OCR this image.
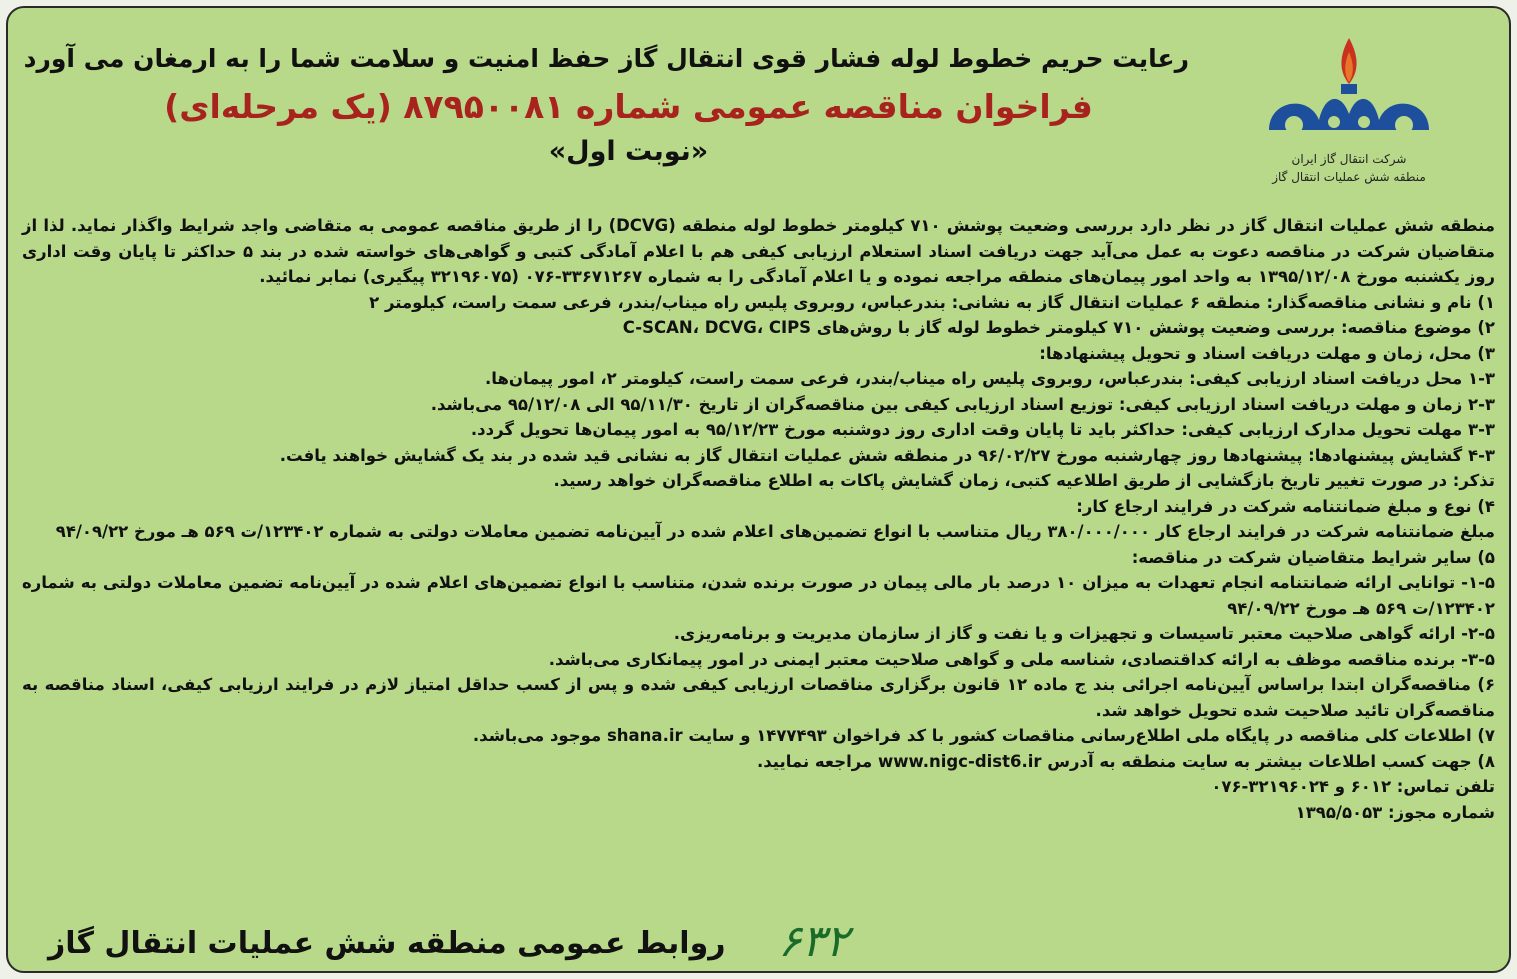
شرکت انتقال گاز ایران
منطقه شش عملیات انتقال گاز
رعایت حریم خطوط لوله فشار قوی انتقال گاز حفظ امنیت و سلامت شما را به ارمغان می آورد
فراخوان مناقصه عمومی شماره ۸۷۹۵۰۰۸۱ (یک مرحله‌ای)
«نوبت اول»

منطقه شش عملیات انتقال گاز در نظر دارد بررسی وضعیت پوشش ۷۱۰ کیلومتر خطوط لوله منطقه (DCVG) را از طریق مناقصه عمومی به متقاضی واجد شرایط واگذار نماید. لذا از متقاضیان شرکت در مناقصه دعوت به عمل می‌آید جهت دریافت اسناد استعلام ارزیابی کیفی هم با اعلام آمادگی کتبی و گواهی‌های خواسته شده در بند ۵ حداکثر تا پایان وقت اداری روز یکشنبه مورخ ۱۳۹۵/۱۲/۰۸ به واحد امور پیمان‌های منطقه مراجعه نموده و یا اعلام آمادگی را به شماره ۳۳۶۷۱۲۶۷-۰۷۶ (۳۲۱۹۶۰۷۵ پیگیری) نمابر نمائید.

۱) نام و نشانی مناقصه‌گذار: منطقه ۶ عملیات انتقال گاز به نشانی: بندرعباس، روبروی پلیس راه میناب/بندر، فرعی سمت راست، کیلومتر ۲

۲) موضوع مناقصه: بررسی وضعیت پوشش ۷۱۰ کیلومتر خطوط لوله گاز با روش‌های C-SCAN، DCVG، CIPS

۳) محل، زمان و مهلت دریافت اسناد و تحویل پیشنهادها:

۱-۳ محل دریافت اسناد ارزیابی کیفی: بندرعباس، روبروی پلیس راه میناب/بندر، فرعی سمت راست، کیلومتر ۲، امور پیمان‌ها.

۲-۳ زمان و مهلت دریافت اسناد ارزیابی کیفی: توزیع اسناد ارزیابی کیفی بین مناقصه‌گران از تاریخ ۹۵/۱۱/۳۰ الی ۹۵/۱۲/۰۸ می‌باشد.

۳-۳ مهلت تحویل مدارک ارزیابی کیفی: حداکثر باید تا پایان وقت اداری روز دوشنبه مورخ ۹۵/۱۲/۲۳ به امور پیمان‌ها تحویل گردد.

۴-۳ گشایش پیشنهادها: پیشنهادها روز چهارشنبه مورخ ۹۶/۰۲/۲۷ در منطقه شش عملیات انتقال گاز به نشانی قید شده در بند یک گشایش خواهند یافت.

تذکر: در صورت تغییر تاریخ بازگشایی از طریق اطلاعیه کتبی، زمان گشایش پاکات به اطلاع مناقصه‌گران خواهد رسید.

۴) نوع و مبلغ ضمانتنامه شرکت در فرایند ارجاع کار:

مبلغ ضمانتنامه شرکت در فرایند ارجاع کار ۳۸۰/۰۰۰/۰۰۰ ریال متناسب با انواع تضمین‌های اعلام شده در آیین‌نامه تضمین معاملات دولتی به شماره ۱۲۳۴۰۲/ت ۵۶۹ هـ مورخ ۹۴/۰۹/۲۲

۵) سایر شرایط متقاضیان شرکت در مناقصه:

۱-۵- توانایی ارائه ضمانتنامه انجام تعهدات به میزان ۱۰ درصد بار مالی پیمان در صورت برنده شدن، متناسب با انواع تضمین‌های اعلام شده در آیین‌نامه تضمین معاملات دولتی به شماره ۱۲۳۴۰۲/ت ۵۶۹ هـ مورخ ۹۴/۰۹/۲۲

۲-۵- ارائه گواهی صلاحیت معتبر تاسیسات و تجهیزات و یا نفت و گاز از سازمان مدیریت و برنامه‌ریزی.

۳-۵- برنده مناقصه موظف به ارائه کداقتصادی، شناسه ملی و گواهی صلاحیت معتبر ایمنی در امور پیمانکاری می‌باشد.

۶) مناقصه‌گران ابتدا براساس آیین‌نامه اجرائی بند ج ماده ۱۲ قانون برگزاری مناقصات ارزیابی کیفی شده و پس از کسب حداقل امتیاز لازم در فرایند ارزیابی کیفی، اسناد مناقصه به مناقصه‌گران تائید صلاحیت شده تحویل خواهد شد.

۷) اطلاعات کلی مناقصه در پایگاه ملی اطلاع‌رسانی مناقصات کشور با کد فراخوان ۱۴۷۷۴۹۳ و سایت shana.ir موجود می‌باشد.

۸) جهت کسب اطلاعات بیشتر به سایت منطقه به آدرس www.nigc-dist6.ir مراجعه نمایید.

تلفن تماس: ۶۰۱۲ و ۳۲۱۹۶۰۲۴-۰۷۶

شماره مجوز: ۱۳۹۵/۵۰۵۳

۶۳۲
روابط عمومی منطقه شش عملیات انتقال گاز
